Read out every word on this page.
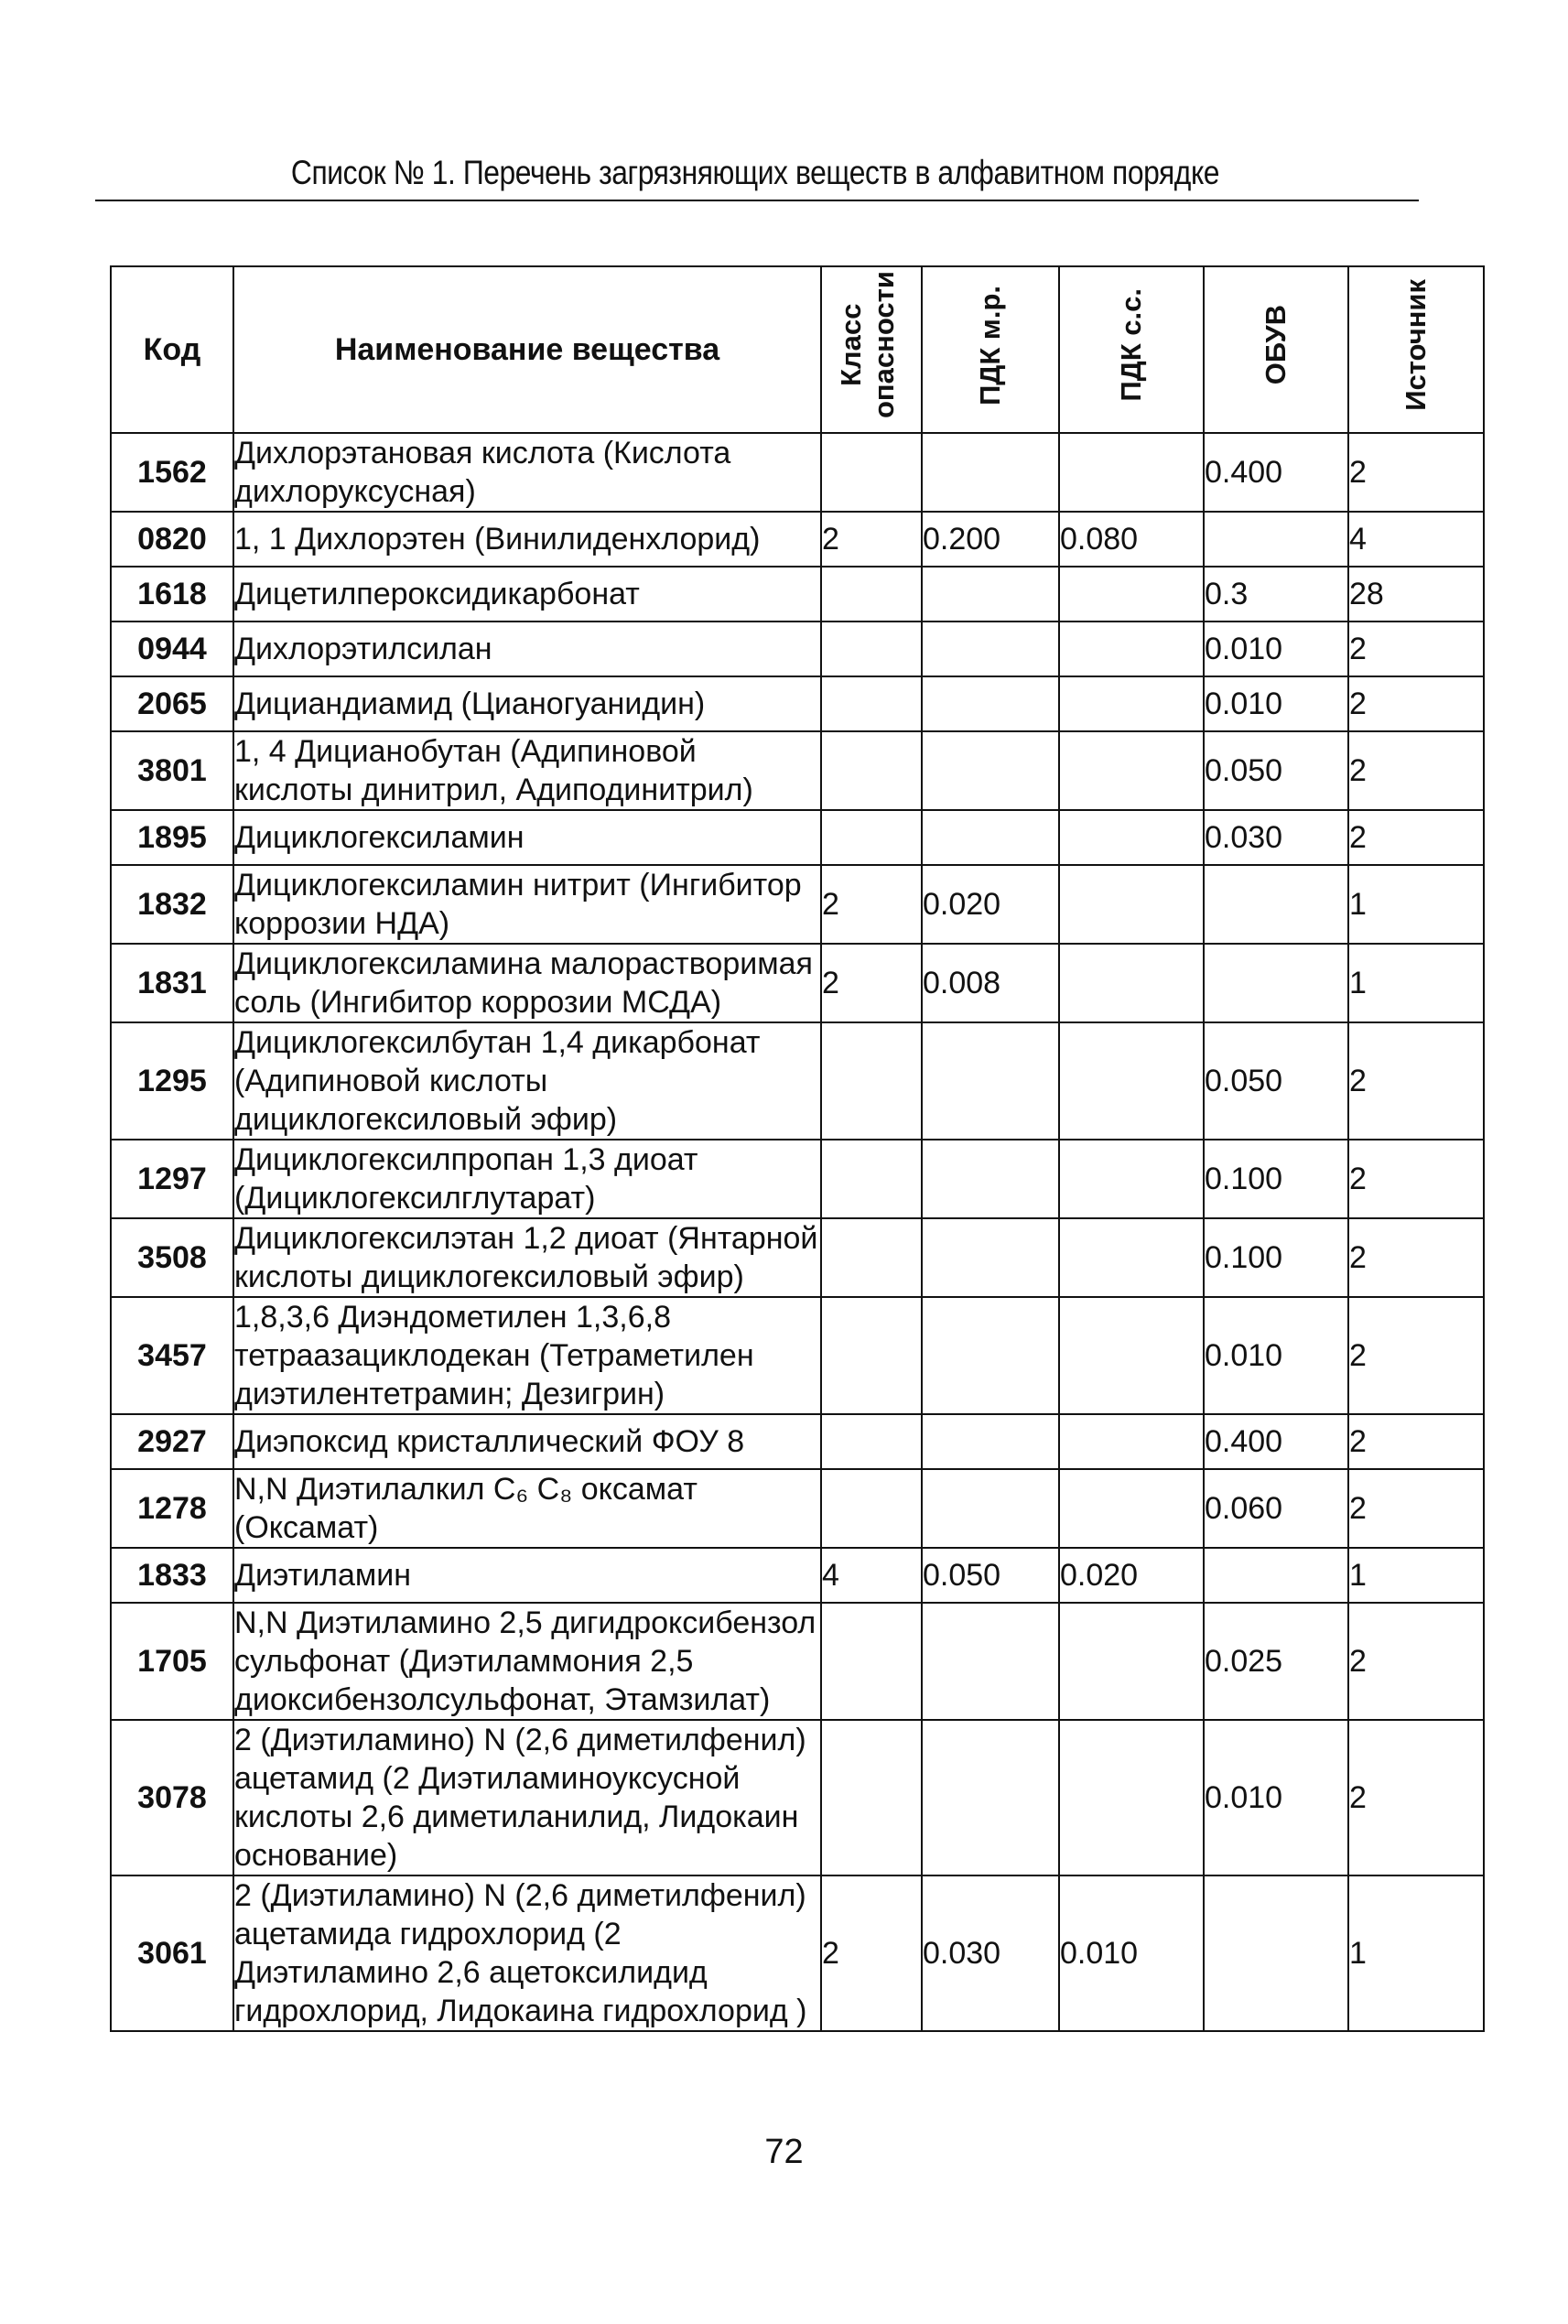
Список № 1. Перечень загрязняющих веществ в алфавитном порядке
Код	Наименование вещества	Класс опасности	ПДК м.р.	ПДК с.с.	ОБУВ	Источник
1562	Дихлорэтановая кислота (Кислота дихлоруксусная)				0.400	2
0820	1, 1 Дихлорэтен (Винилиденхлорид)	2	0.200	0.080		4
1618	Дицетилпероксидикарбонат				0.3	28
0944	Дихлорэтилсилан				0.010	2
2065	Дициандиамид (Цианогуанидин)				0.010	2
3801	1, 4 Дицианобутан (Адипиновой кислоты динитрил, Адиподинитрил)				0.050	2
1895	Дициклогексиламин				0.030	2
1832	Дициклогексиламин нитрит (Ингибитор коррозии НДА)	2	0.020			1
1831	Дициклогексиламина малорастворимая соль (Ингибитор коррозии МСДА)	2	0.008			1
1295	Дициклогексилбутан 1,4 дикарбонат (Адипиновой кислоты дициклогексиловый эфир)				0.050	2
1297	Дициклогексилпропан 1,3 диоат (Дициклогексилглутарат)				0.100	2
3508	Дициклогексилэтан 1,2 диоат (Янтарной кислоты дициклогексиловый эфир)				0.100	2
3457	1,8,3,6 Диэндометилен 1,3,6,8 тетраазациклодекан (Тетраметилен диэтилентетрамин; Дезигрин)				0.010	2
2927	Диэпоксид кристаллический ФОУ 8				0.400	2
1278	N,N Диэтилалкил C₆ C₈ оксамат (Оксамат)				0.060	2
1833	Диэтиламин	4	0.050	0.020		1
1705	N,N Диэтиламино 2,5 дигидроксибензол сульфонат (Диэтиламмония 2,5 диоксибензолсульфонат, Этамзилат)				0.025	2
3078	2 (Диэтиламино) N (2,6 диметилфенил) ацетамид (2 Диэтиламиноуксусной кислоты 2,6 диметиланилид, Лидокаин основание)				0.010	2
3061	2 (Диэтиламино) N (2,6 диметилфенил) ацетамида гидрохлорид (2 Диэтиламино 2,6 ацетоксилидид гидрохлорид, Лидокаина гидрохлорид )	2	0.030	0.010		1
72
